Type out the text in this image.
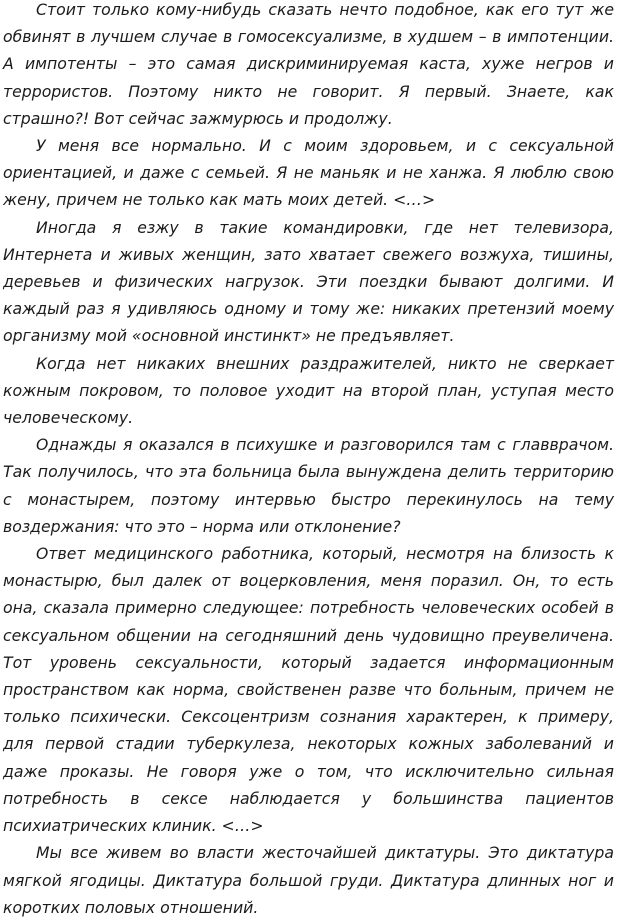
Стоит только кому-нибудь сказать нечто подобное, как его тут же обвинят в лучшем случае в гомосексуализме, в худшем – в импотенции. А импотенты – это самая дискриминируемая каста, хуже негров и террористов. Поэтому никто не говорит. Я первый. Знаете, как страшно?! Вот сейчас зажмурюсь и продолжу.

У меня все нормально. И с моим здоровьем, и с сексуальной ориентацией, и даже с семьей. Я не маньяк и не ханжа. Я люблю свою жену, причем не только как мать моих детей. <…>

Иногда я езжу в такие командировки, где нет телевизора, Интернета и живых женщин, зато хватает свежего возжуха, тишины, деревьев и физических нагрузок. Эти поездки бывают долгими. И каждый раз я удивляюсь одному и тому же: никаких претензий моему организму мой «основной инстинкт» не предъявляет.

Когда нет никаких внешних раздражителей, никто не сверкает кожным покровом, то половое уходит на второй план, уступая место человеческому.

Однажды я оказался в психушке и разговорился там с главврачом. Так получилось, что эта больница была вынуждена делить территорию с монастырем, поэтому интервью быстро перекинулось на тему воздержания: что это – норма или отклонение?

Ответ медицинского работника, который, несмотря на близость к монастырю, был далек от воцерковления, меня поразил. Он, то есть она, сказала примерно следующее: потребность человеческих особей в сексуальном общении на сегодняшний день чудовищно преувеличена. Тот уровень сексуальности, который задается информационным пространством как норма, свойственен разве что больным, причем не только психически. Сексоцентризм сознания характерен, к примеру, для первой стадии туберкулеза, некоторых кожных заболеваний и даже проказы. Не говоря уже о том, что исключительно сильная потребность в сексе наблюдается у большинства пациентов психиатрических клиник. <…>

Мы все живем во власти жесточайшей диктатуры. Это диктатура мягкой ягодицы. Диктатура большой груди. Диктатура длинных ног и коротких половых отношений.
